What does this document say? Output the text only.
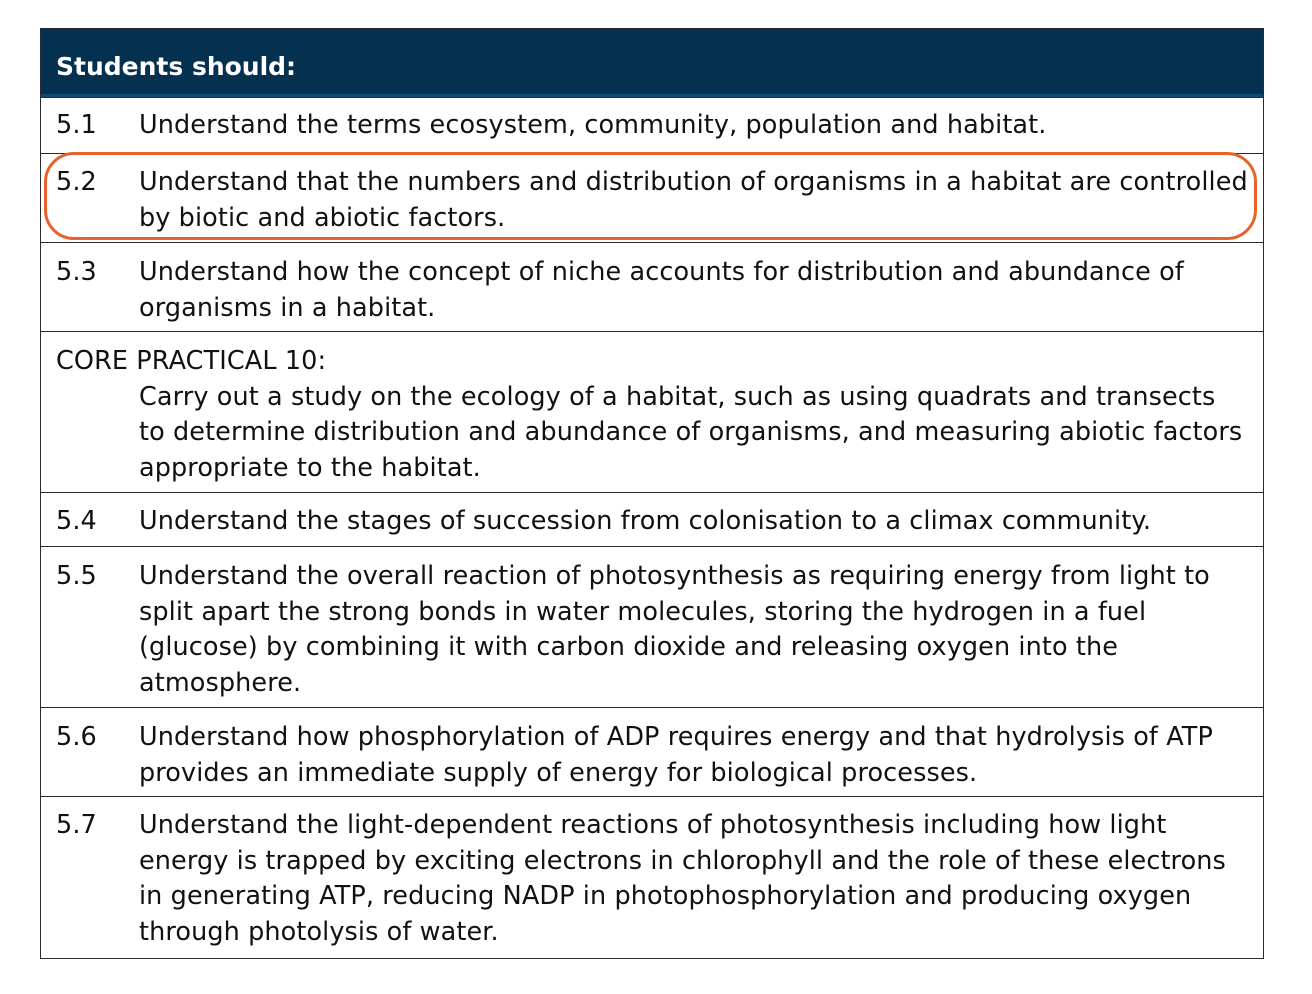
Students should:
5.1	Understand the terms ecosystem, community, population and habitat.
5.2	Understand that the numbers and distribution of organisms in a habitat are controlled by biotic and abiotic factors.
5.3	Understand how the concept of niche accounts for distribution and abundance of organisms in a habitat.
CORE PRACTICAL 10:
Carry out a study on the ecology of a habitat, such as using quadrats and transects to determine distribution and abundance of organisms, and measuring abiotic factors appropriate to the habitat.
5.4	Understand the stages of succession from colonisation to a climax community.
5.5	Understand the overall reaction of photosynthesis as requiring energy from light to split apart the strong bonds in water molecules, storing the hydrogen in a fuel (glucose) by combining it with carbon dioxide and releasing oxygen into the atmosphere.
5.6	Understand how phosphorylation of ADP requires energy and that hydrolysis of ATP provides an immediate supply of energy for biological processes.
5.7	Understand the light-dependent reactions of photosynthesis including how light energy is trapped by exciting electrons in chlorophyll and the role of these electrons in generating ATP, reducing NADP in photophosphorylation and producing oxygen through photolysis of water.
